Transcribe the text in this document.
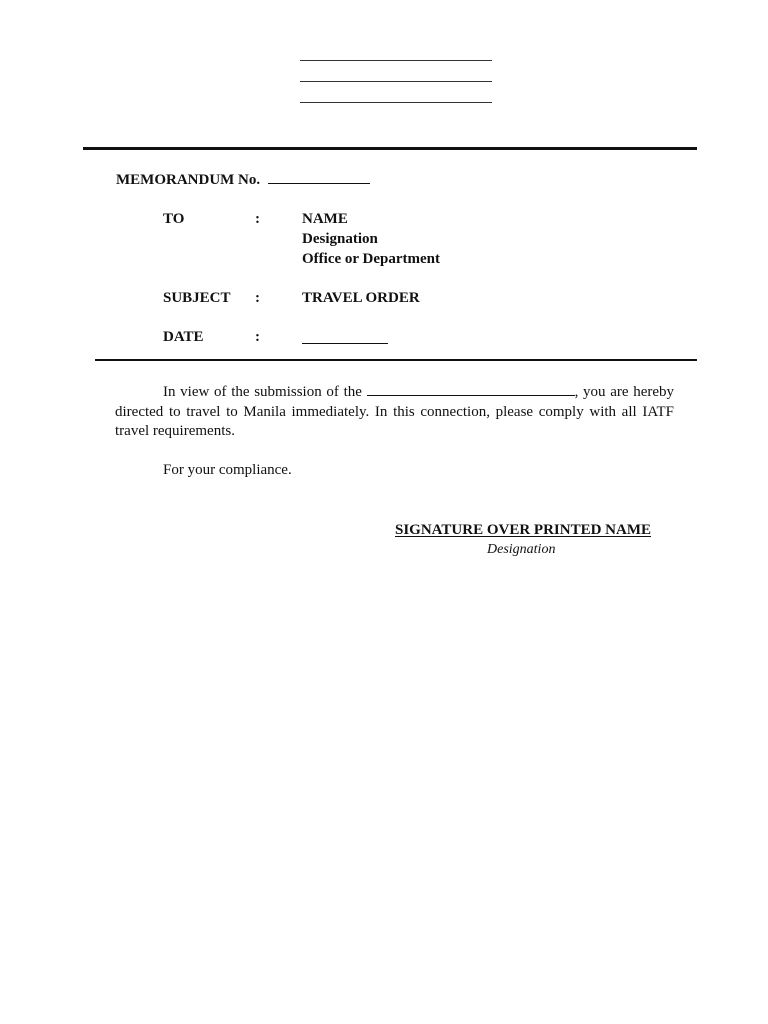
MEMORANDUM No.
TO	:	NAME
Designation
Office or Department
SUBJECT :	TRAVEL ORDER
DATE	:
In view of the submission of the	, you are hereby directed to travel to Manila immediately. In this connection, please comply with all IATF travel requirements.
For your compliance.
SIGNATURE OVER PRINTED NAME
Designation
